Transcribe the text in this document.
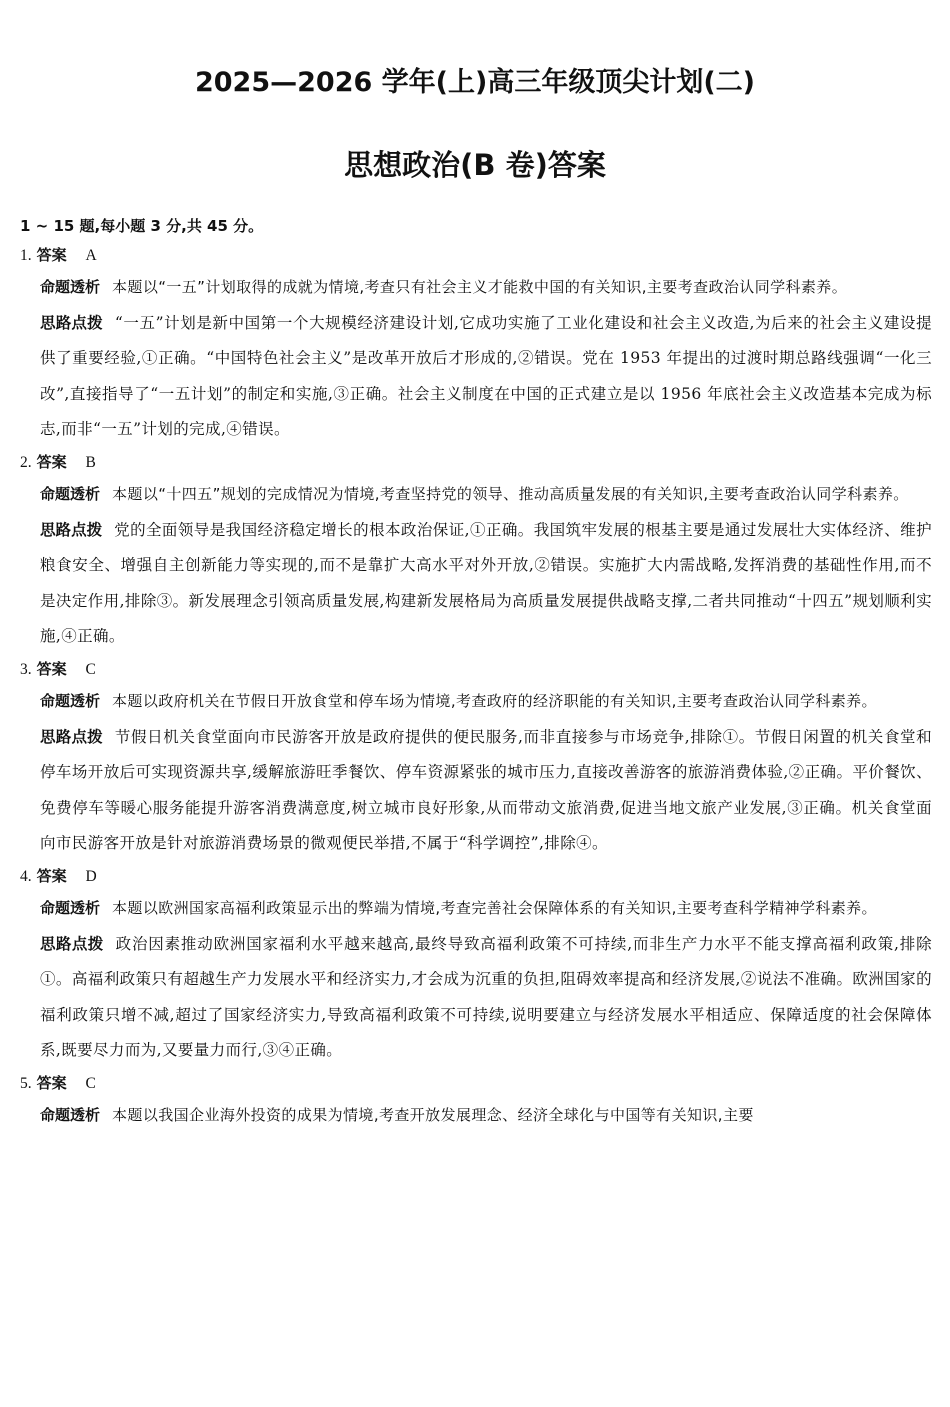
2025—2026 学年(上)高三年级顶尖计划(二)
思想政治(B 卷)答案
1 ~ 15 题,每小题 3 分,共 45 分。
1. 答案 A
命题透析 本题以“一五”计划取得的成就为情境,考查只有社会主义才能救中国的有关知识,主要考查政治认同学科素养。
思路点拨 “一五”计划是新中国第一个大规模经济建设计划,它成功实施了工业化建设和社会主义改造,为后来的社会主义建设提供了重要经验,①正确。“中国特色社会主义”是改革开放后才形成的,②错误。党在 1953 年提出的过渡时期总路线强调“一化三改”,直接指导了“一五计划”的制定和实施,③正确。社会主义制度在中国的正式建立是以 1956 年底社会主义改造基本完成为标志,而非“一五”计划的完成,④错误。
2. 答案 B
命题透析 本题以“十四五”规划的完成情况为情境,考查坚持党的领导、推动高质量发展的有关知识,主要考查政治认同学科素养。
思路点拨 党的全面领导是我国经济稳定增长的根本政治保证,①正确。我国筑牢发展的根基主要是通过发展壮大实体经济、维护粮食安全、增强自主创新能力等实现的,而不是靠扩大高水平对外开放,②错误。实施扩大内需战略,发挥消费的基础性作用,而不是决定作用,排除③。新发展理念引领高质量发展,构建新发展格局为高质量发展提供战略支撑,二者共同推动“十四五”规划顺利实施,④正确。
3. 答案 C
命题透析 本题以政府机关在节假日开放食堂和停车场为情境,考查政府的经济职能的有关知识,主要考查政治认同学科素养。
思路点拨 节假日机关食堂面向市民游客开放是政府提供的便民服务,而非直接参与市场竞争,排除①。节假日闲置的机关食堂和停车场开放后可实现资源共享,缓解旅游旺季餐饮、停车资源紧张的城市压力,直接改善游客的旅游消费体验,②正确。平价餐饮、免费停车等暖心服务能提升游客消费满意度,树立城市良好形象,从而带动文旅消费,促进当地文旅产业发展,③正确。机关食堂面向市民游客开放是针对旅游消费场景的微观便民举措,不属于“科学调控”,排除④。
4. 答案 D
命题透析 本题以欧洲国家高福利政策显示出的弊端为情境,考查完善社会保障体系的有关知识,主要考查科学精神学科素养。
思路点拨 政治因素推动欧洲国家福利水平越来越高,最终导致高福利政策不可持续,而非生产力水平不能支撑高福利政策,排除①。高福利政策只有超越生产力发展水平和经济实力,才会成为沉重的负担,阻碍效率提高和经济发展,②说法不准确。欧洲国家的福利政策只增不减,超过了国家经济实力,导致高福利政策不可持续,说明要建立与经济发展水平相适应、保障适度的社会保障体系,既要尽力而为,又要量力而行,③④正确。
5. 答案 C
命题透析 本题以我国企业海外投资的成果为情境,考查开放发展理念、经济全球化与中国等有关知识,主要
